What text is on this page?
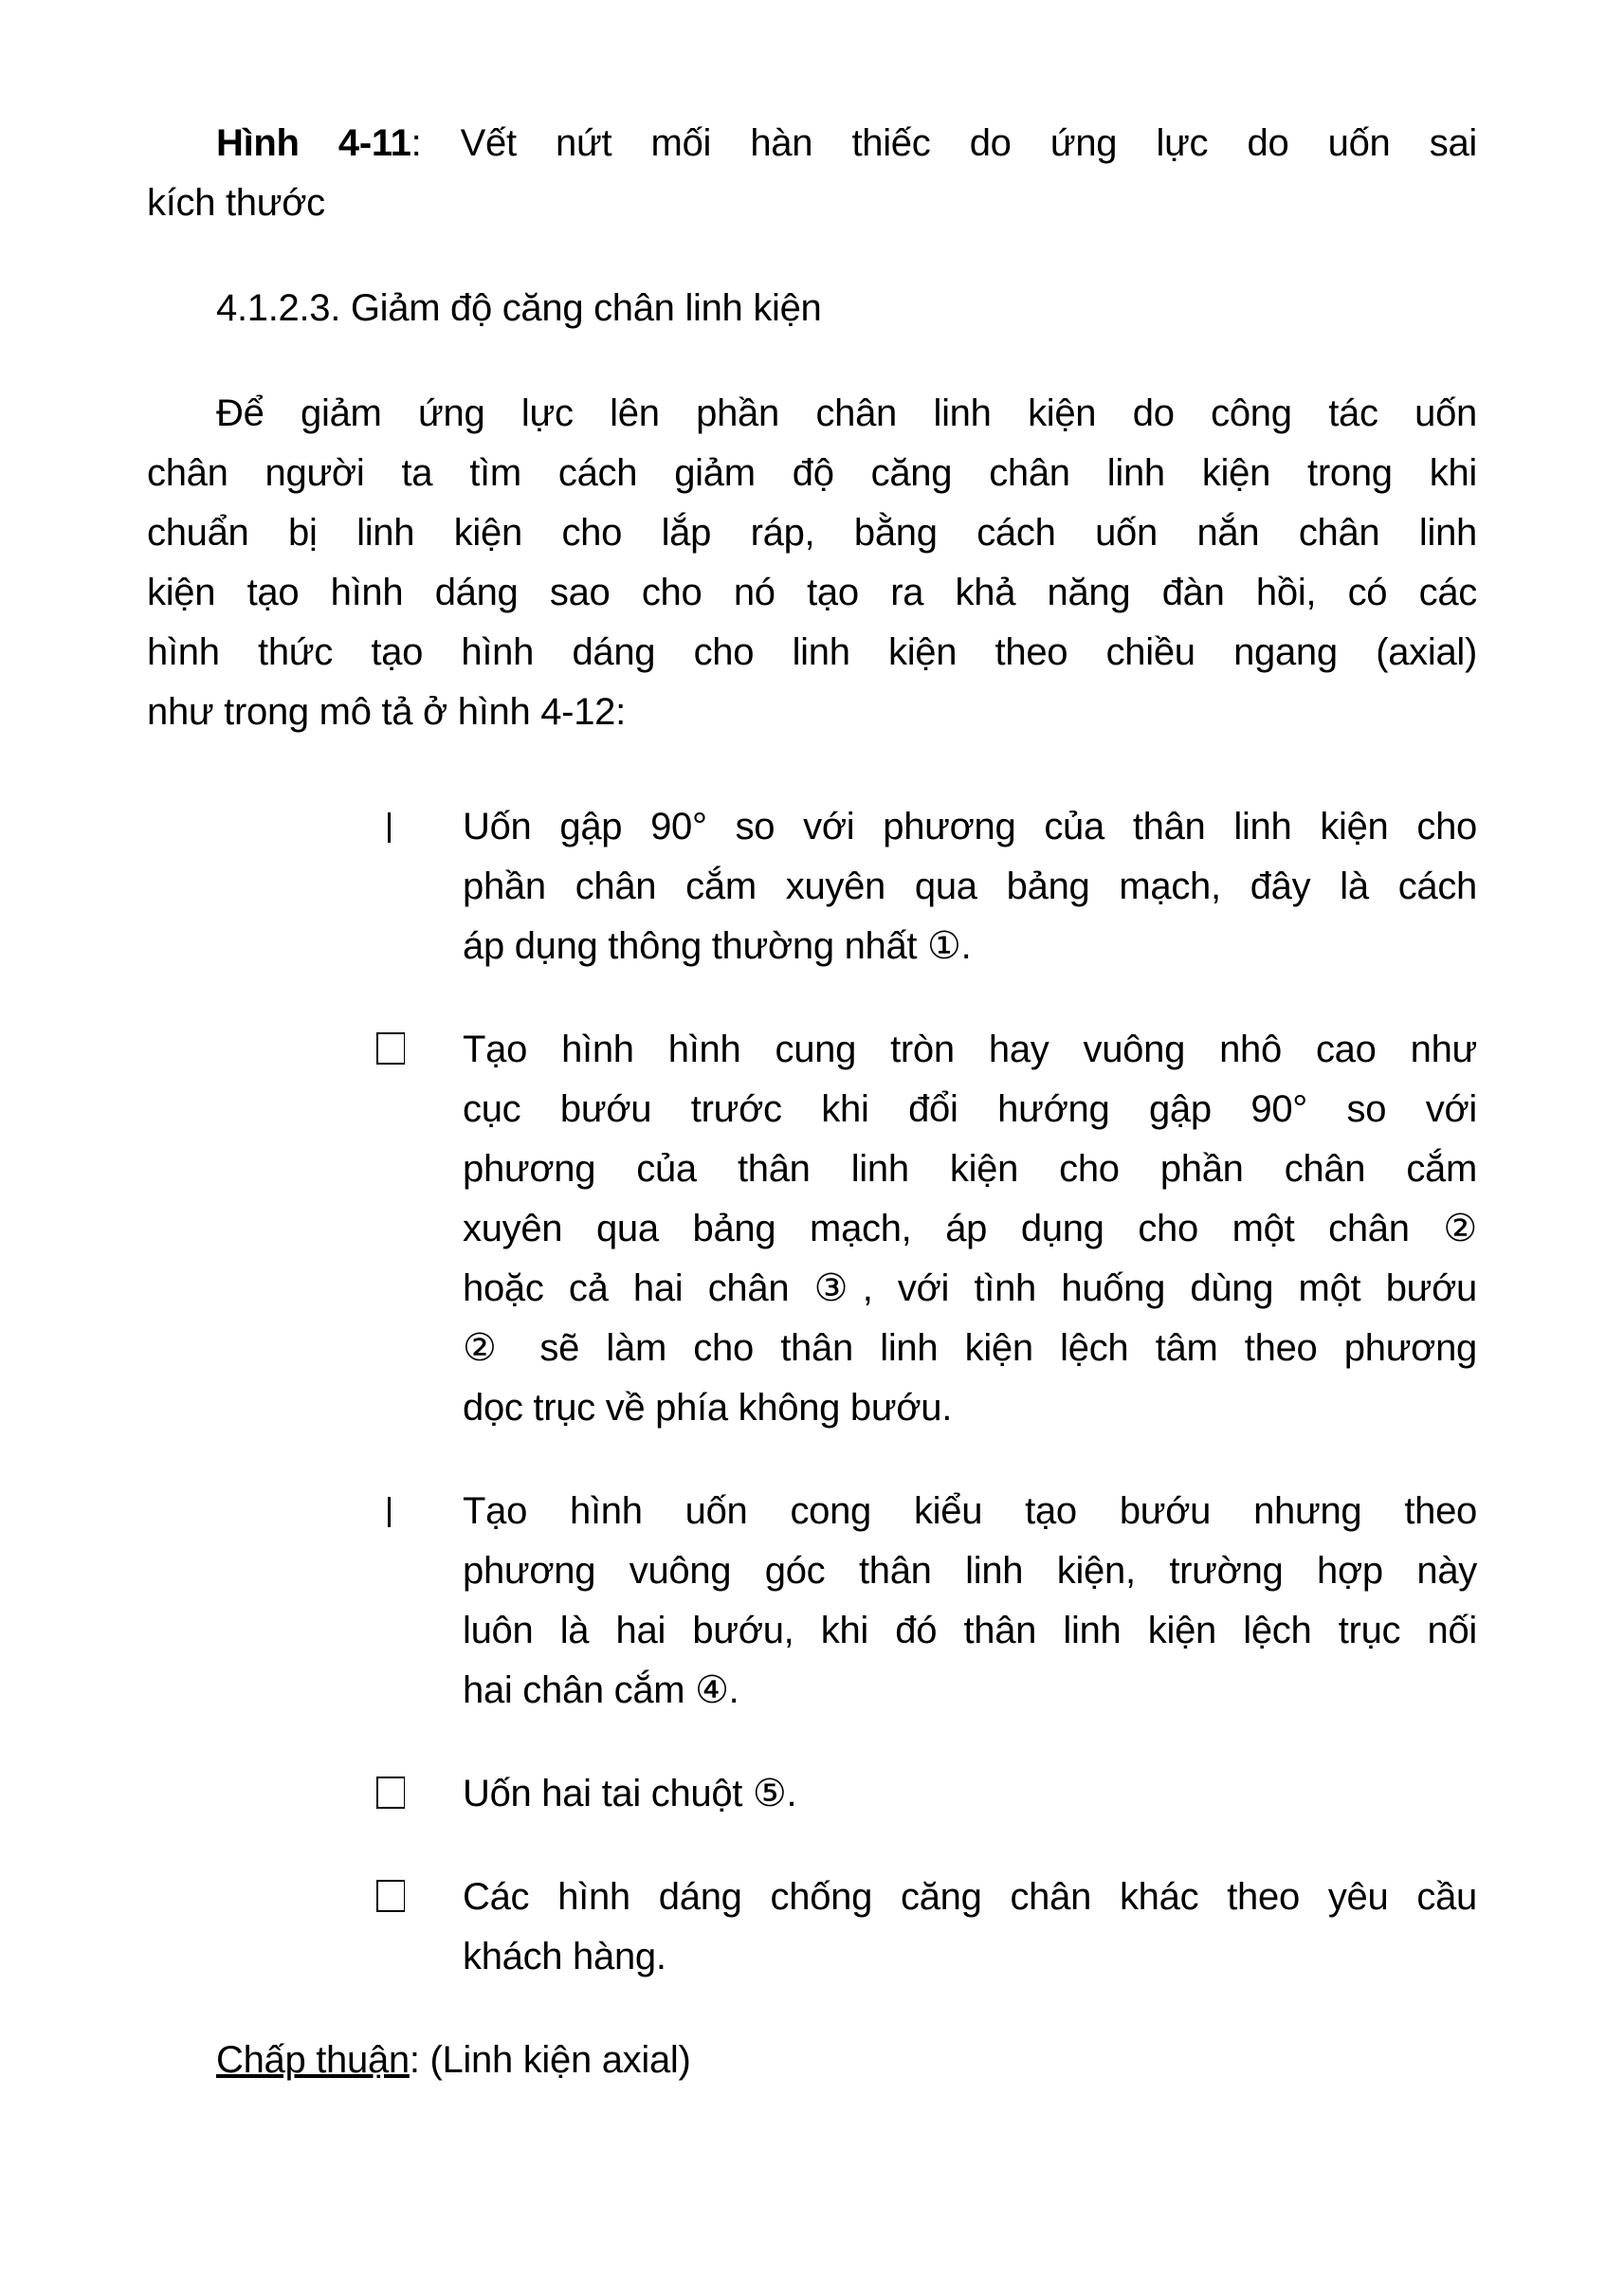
Hình 4-11: Vết nứt mối hàn thiếc do ứng lực do uốn sai
kích thước
4.1.2.3. Giảm độ căng chân linh kiện
Để giảm ứng lực lên phần chân linh kiện do công tác uốn
chân người ta tìm cách giảm độ căng chân linh kiện trong khi
chuẩn bị linh kiện cho lắp ráp, bằng cách uốn nắn chân linh
kiện tạo hình dáng sao cho nó tạo ra khả năng đàn hồi, có các
hình thức tạo hình dáng cho linh kiện theo chiều ngang (axial)
như trong mô tả ở hình 4-12:
Uốn gập 90° so với phương của thân linh kiện cho
phần chân cắm xuyên qua bảng mạch, đây là cách
áp dụng thông thường nhất ①.
Tạo hình hình cung tròn hay vuông nhô cao như
cục bướu trước khi đổi hướng gập 90° so với
phương của thân linh kiện cho phần chân cắm
xuyên qua bảng mạch, áp dụng cho một chân ②
hoặc cả hai chân ③, với tình huống dùng một bướu
② sẽ làm cho thân linh kiện lệch tâm theo phương
dọc trục về phía không bướu.
Tạo hình uốn cong kiểu tạo bướu nhưng theo
phương vuông góc thân linh kiện, trường hợp này
luôn là hai bướu, khi đó thân linh kiện lệch trục nối
hai chân cắm ④.
Uốn hai tai chuột ⑤.
Các hình dáng chống căng chân khác theo yêu cầu
khách hàng.
Chấp thuận: (Linh kiện axial)
